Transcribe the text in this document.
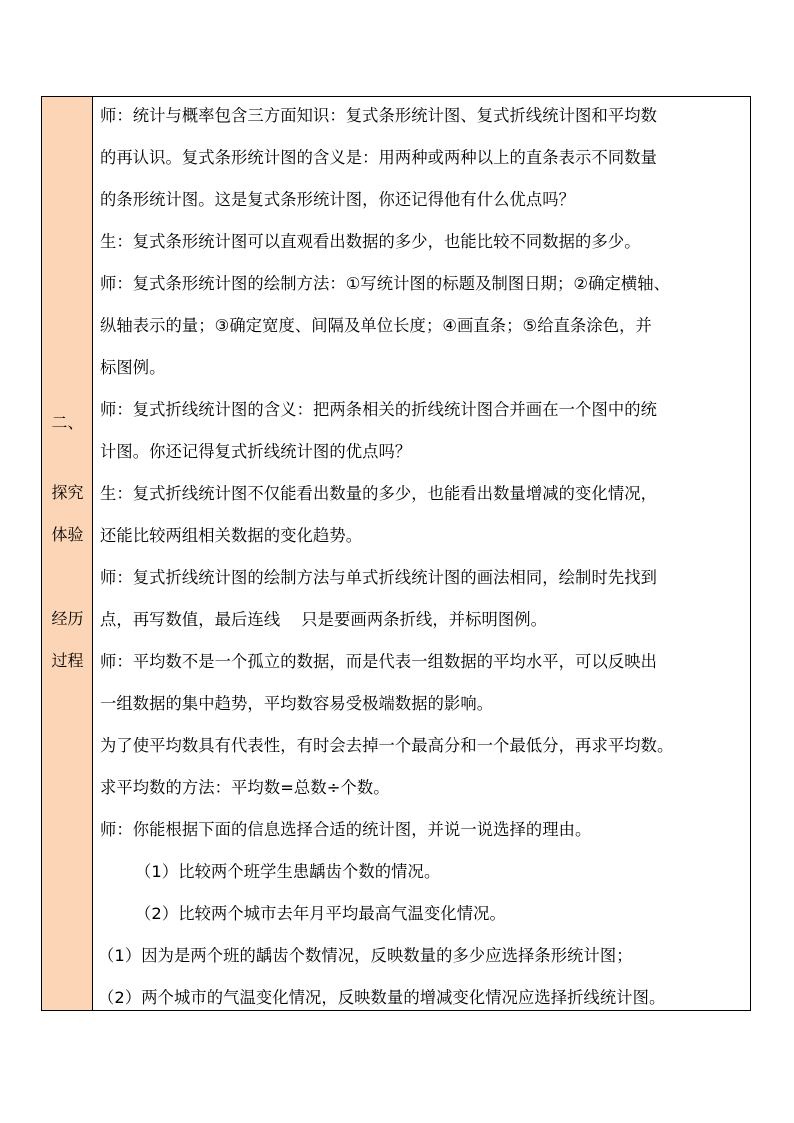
二、
探究
体验
经历
过程
师：统计与概率包含三方面知识：复式条形统计图、复式折线统计图和平均数
的再认识。复式条形统计图的含义是：用两种或两种以上的直条表示不同数量
的条形统计图。这是复式条形统计图，你还记得他有什么优点吗？
生：复式条形统计图可以直观看出数据的多少，也能比较不同数据的多少。
师：复式条形统计图的绘制方法：①写统计图的标题及制图日期；②确定横轴、
纵轴表示的量；③确定宽度、间隔及单位长度；④画直条；⑤给直条涂色，并
标图例。
师：复式折线统计图的含义：把两条相关的折线统计图合并画在一个图中的统
计图。你还记得复式折线统计图的优点吗？
生：复式折线统计图不仅能看出数量的多少，也能看出数量增减的变化情况，
还能比较两组相关数据的变化趋势。
师：复式折线统计图的绘制方法与单式折线统计图的画法相同，绘制时先找到
点，再写数值，最后连线    只是要画两条折线，并标明图例。
师：平均数不是一个孤立的数据，而是代表一组数据的平均水平，可以反映出
一组数据的集中趋势，平均数容易受极端数据的影响。
为了使平均数具有代表性，有时会去掉一个最高分和一个最低分，再求平均数。
求平均数的方法：平均数=总数÷个数。
师：你能根据下面的信息选择合适的统计图，并说一说选择的理由。
（1）比较两个班学生患龋齿个数的情况。
（2）比较两个城市去年月平均最高气温变化情况。
（1）因为是两个班的龋齿个数情况，反映数量的多少应选择条形统计图；
（2）两个城市的气温变化情况，反映数量的增减变化情况应选择折线统计图。
